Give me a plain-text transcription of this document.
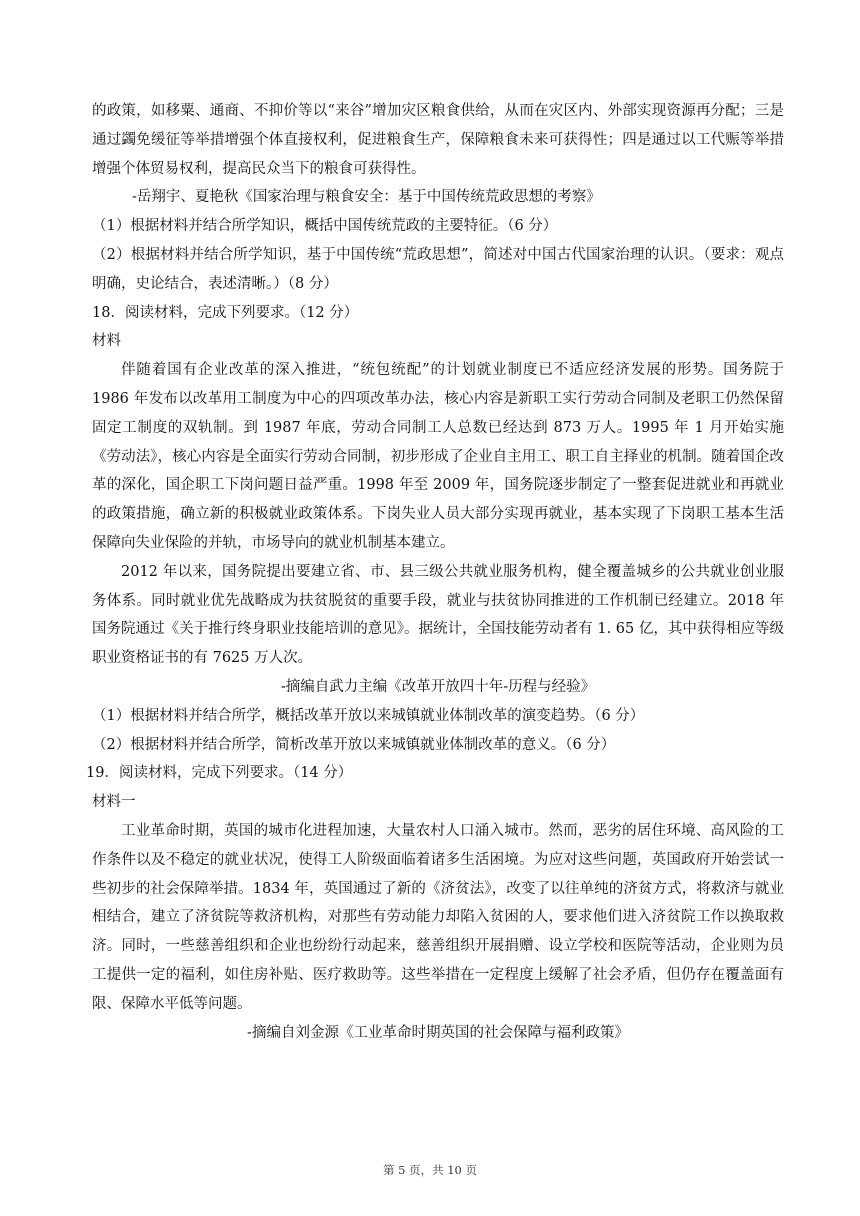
的政策，如移粟、通商、不抑价等以“来谷”增加灾区粮食供给，从而在灾区内、外部实现资源再分配；三是通过蠲免缓征等举措增强个体直接权利，促进粮食生产，保障粮食未来可获得性；四是通过以工代赈等举措增强个体贸易权利，提高民众当下的粮食可获得性。

-岳翔宇、夏艳秋《国家治理与粮食安全：基于中国传统荒政思想的考察》

（1）根据材料并结合所学知识，概括中国传统荒政的主要特征。（6 分）

（2）根据材料并结合所学知识，基于中国传统“荒政思想”，简述对中国古代国家治理的认识。（要求：观点明确，史论结合，表述清晰。）（8 分）

18．阅读材料，完成下列要求。（12 分）

材料

伴随着国有企业改革的深入推进，“统包统配”的计划就业制度已不适应经济发展的形势。国务院于 1986 年发布以改革用工制度为中心的四项改革办法，核心内容是新职工实行劳动合同制及老职工仍然保留固定工制度的双轨制。到 1987 年底，劳动合同制工人总数已经达到 873 万人。1995 年 1 月开始实施《劳动法》，核心内容是全面实行劳动合同制，初步形成了企业自主用工、职工自主择业的机制。随着国企改革的深化，国企职工下岗问题日益严重。1998 年至 2009 年，国务院逐步制定了一整套促进就业和再就业的政策措施，确立新的积极就业政策体系。下岗失业人员大部分实现再就业，基本实现了下岗职工基本生活保障向失业保险的并轨，市场导向的就业机制基本建立。

2012 年以来，国务院提出要建立省、市、县三级公共就业服务机构，健全覆盖城乡的公共就业创业服务体系。同时就业优先战略成为扶贫脱贫的重要手段，就业与扶贫协同推进的工作机制已经建立。2018 年国务院通过《关于推行终身职业技能培训的意见》。据统计，全国技能劳动者有 1. 65 亿，其中获得相应等级职业资格证书的有 7625 万人次。

-摘编自武力主编《改革开放四十年-历程与经验》

（1）根据材料并结合所学，概括改革开放以来城镇就业体制改革的演变趋势。（6 分）

（2）根据材料并结合所学，简析改革开放以来城镇就业体制改革的意义。（6 分）

19．阅读材料，完成下列要求。（14 分）

材料一

工业革命时期，英国的城市化进程加速，大量农村人口涌入城市。然而，恶劣的居住环境、高风险的工作条件以及不稳定的就业状况，使得工人阶级面临着诸多生活困境。为应对这些问题，英国政府开始尝试一些初步的社会保障举措。1834 年，英国通过了新的《济贫法》，改变了以往单纯的济贫方式，将救济与就业相结合，建立了济贫院等救济机构，对那些有劳动能力却陷入贫困的人，要求他们进入济贫院工作以换取救济。同时，一些慈善组织和企业也纷纷行动起来，慈善组织开展捐赠、设立学校和医院等活动，企业则为员工提供一定的福利，如住房补贴、医疗救助等。这些举措在一定程度上缓解了社会矛盾，但仍存在覆盖面有限、保障水平低等问题。

-摘编自刘金源《工业革命时期英国的社会保障与福利政策》

第 5 页，共 10 页
